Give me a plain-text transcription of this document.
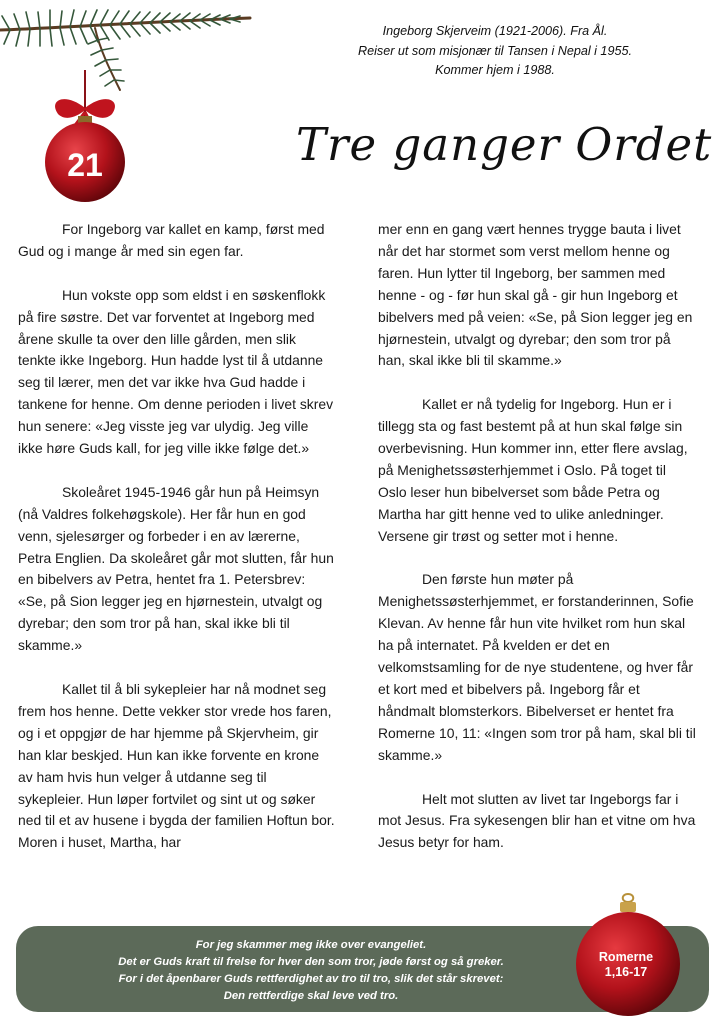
21
Ingeborg Skjerveim (1921-2006). Fra Ål.
Reiser ut som misjonær til Tansen i Nepal i 1955.
Kommer hjem i 1988.
Tre ganger Ordet

For Ingeborg var kallet en kamp, først med Gud og i mange år med sin egen far.

Hun vokste opp som eldst i en søskenflokk på fire søstre. Det var forventet at Ingeborg med årene skulle ta over den lille gården, men slik tenkte ikke Ingeborg. Hun hadde lyst til å utdanne seg til lærer, men det var ikke hva Gud hadde i tankene for henne. Om denne perioden i livet skrev hun senere: «Jeg visste jeg var ulydig. Jeg ville ikke høre Guds kall, for jeg ville ikke følge det.»

Skoleåret 1945-1946 går hun på Heimsyn (nå Valdres folkehøgskole). Her får hun en god venn, sjelesørger og forbeder i en av lærerne, Petra Englien. Da skoleåret går mot slutten, får hun en bibelvers av Petra, hentet fra 1. Petersbrev: «Se, på Sion legger jeg en hjørnestein, utvalgt og dyrebar; den som tror på han, skal ikke bli til skamme.»

Kallet til å bli sykepleier har nå modnet seg frem hos henne. Dette vekker stor vrede hos faren, og i et oppgjør de har hjemme på Skjervheim, gir han klar beskjed. Hun kan ikke forvente en krone av ham hvis hun velger å utdanne seg til sykepleier. Hun løper fortvilet og sint ut og søker ned til et av husene i bygda der familien Hoftun bor. Moren i huset, Martha, har

mer enn en gang vært hennes trygge bauta i livet når det har stormet som verst mellom henne og faren. Hun lytter til Ingeborg, ber sammen med henne - og - før hun skal gå - gir hun Ingeborg et bibelvers med på veien: «Se, på Sion legger jeg en hjørnestein, utvalgt og dyrebar; den som tror på han, skal ikke bli til skamme.»

Kallet er nå tydelig for Ingeborg. Hun er i tillegg sta og fast bestemt på at hun skal følge sin overbevisning. Hun kommer inn, etter flere avslag, på Menighetssøsterhjemmet i Oslo. På toget til Oslo leser hun bibelverset som både Petra og Martha har gitt henne ved to ulike anledninger. Versene gir trøst og setter mot i henne.

Den første hun møter på Menighetssøsterhjemmet, er forstanderinnen, Sofie Klevan. Av henne får hun vite hvilket rom hun skal ha på internatet. På kvelden er det en velkomstsamling for de nye studentene, og hver får et kort med et bibelvers på. Ingeborg får et håndmalt blomsterkors. Bibelverset er hentet fra Romerne 10, 11: «Ingen som tror på ham, skal bli til skamme.»

Helt mot slutten av livet tar Ingeborgs far i mot Jesus. Fra sykesengen blir han et vitne om hva Jesus betyr for ham.

For jeg skammer meg ikke over evangeliet.
Det er Guds kraft til frelse for hver den som tror, jøde først og så greker.
For i det åpenbarer Guds rettferdighet av tro til tro, slik det står skrevet:
Den rettferdige skal leve ved tro.
Romerne
1,16-17
